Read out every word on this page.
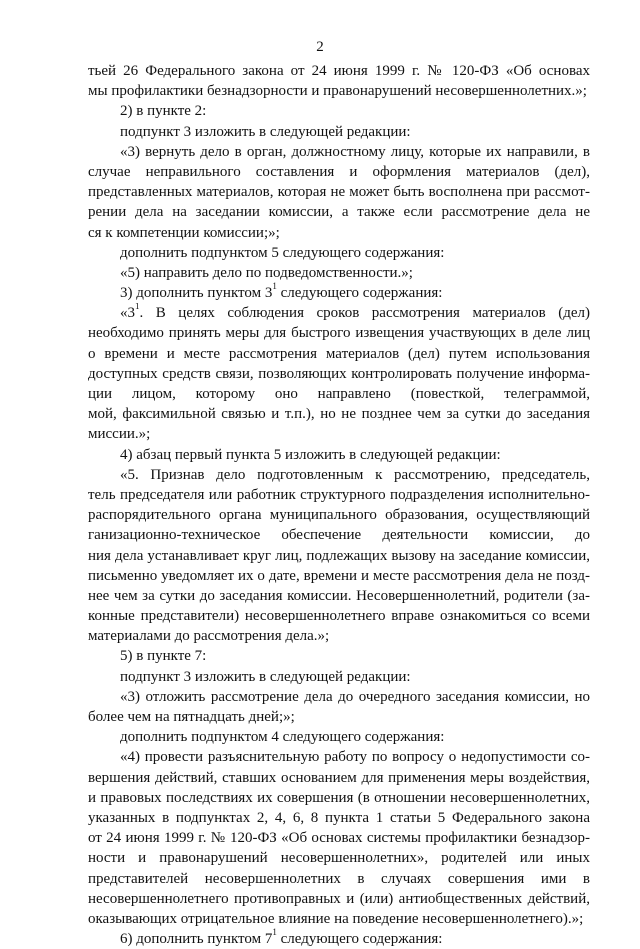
2
тьей 26 Федерального закона от 24 июня 1999 г. № 120-ФЗ «Об основах
мы профилактики безнадзорности и правонарушений несовершеннолетних.»;
2) в пункте 2:
подпункт 3 изложить в следующей редакции:
«3) вернуть дело в орган, должностному лицу, которые их направили, в
случае неправильного составления и оформления материалов (дел),
представленных материалов, которая не может быть восполнена при рассмот-
рении дела на заседании комиссии, а также если рассмотрение дела не
ся к компетенции комиссии;»;
дополнить подпунктом 5 следующего содержания:
«5) направить дело по подведомственности.»;
3) дополнить пунктом $3^1$ следующего содержания:
«$3^1$. В целях соблюдения сроков рассмотрения материалов (дел)
необходимо принять меры для быстрого извещения участвующих в деле лиц
о времени и месте рассмотрения материалов (дел) путем использования
доступных средств связи, позволяющих контролировать получение информа-
ции лицом, которому оно направлено (повесткой, телеграммой,
мой, факсимильной связью и т.п.), но не позднее чем за сутки до заседания
миссии.»;
4) абзац первый пункта 5 изложить в следующей редакции:
«5. Признав дело подготовленным к рассмотрению, председатель,
тель председателя или работник структурного подразделения исполнительно-
распорядительного органа муниципального образования, осуществляющий
ганизационно-техническое обеспечение деятельности комиссии, до
ния дела устанавливает круг лиц, подлежащих вызову на заседание комиссии,
письменно уведомляет их о дате, времени и месте рассмотрения дела не позд-
нее чем за сутки до заседания комиссии. Несовершеннолетний, родители (за-
конные представители) несовершеннолетнего вправе ознакомиться со всеми
материалами до рассмотрения дела.»;
5) в пункте 7:
подпункт 3 изложить в следующей редакции:
«3) отложить рассмотрение дела до очередного заседания комиссии, но
более чем на пятнадцать дней;»;
дополнить подпунктом 4 следующего содержания:
«4) провести разъяснительную работу по вопросу о недопустимости со-
вершения действий, ставших основанием для применения меры воздействия,
и правовых последствиях их совершения (в отношении несовершеннолетних,
указанных в подпунктах 2, 4, 6, 8 пункта 1 статьи 5 Федерального закона
от 24 июня 1999 г. № 120-ФЗ «Об основах системы профилактики безнадзор-
ности и правонарушений несовершеннолетних», родителей или иных
представителей несовершеннолетних в случаях совершения ими в
несовершеннолетнего противоправных и (или) антиобщественных действий,
оказывающих отрицательное влияние на поведение несовершеннолетнего).»;
6) дополнить пунктом $7^1$ следующего содержания:
